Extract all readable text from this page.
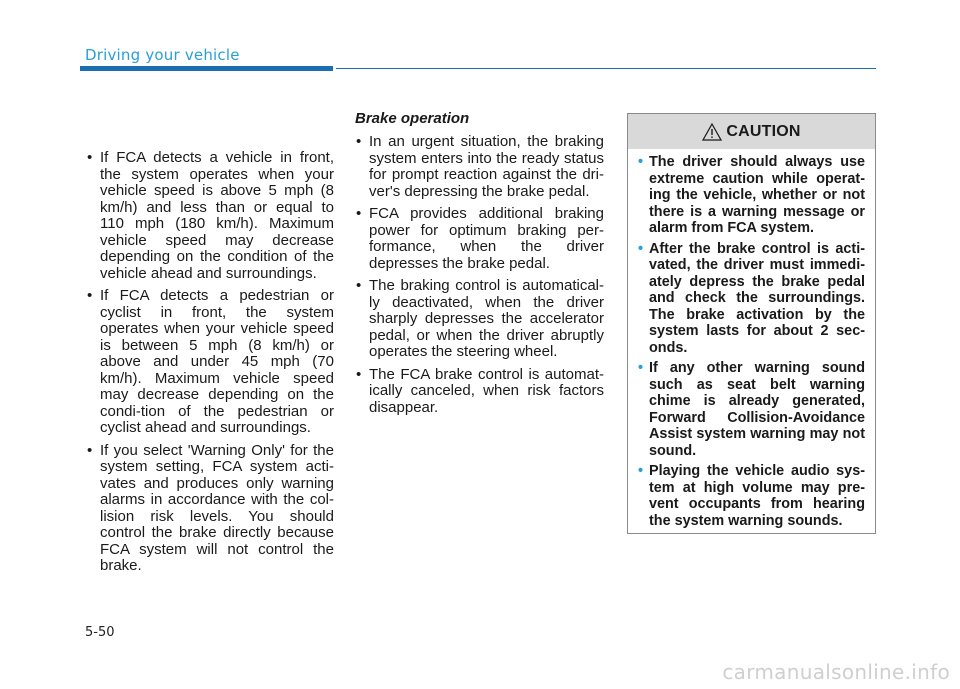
Driving your vehicle
• If FCA detects a vehicle in front, the system operates when your vehicle speed is above 5 mph (8 km/h) and less than or equal to 110 mph (180 km/h). Maximum vehicle speed may decrease depending on the condition of the vehicle ahead and surroundings.
• If FCA detects a pedestrian or cyclist in front, the system operates when your vehicle speed is between 5 mph (8 km/h) or above and under 45 mph (70 km/h). Maximum vehicle speed may decrease depending on the condi-tion of the pedestrian or cyclist ahead and surroundings.
• If you select 'Warning Only' for the system setting, FCA system acti-vates and produces only warning alarms in accordance with the col-lision risk levels. You should control the brake directly because FCA system will not control the brake.
Brake operation
• In an urgent situation, the braking system enters into the ready status for prompt reaction against the dri-ver's depressing the brake pedal.
• FCA provides additional braking power for optimum braking per-formance, when the driver depresses the brake pedal.
• The braking control is automatical-ly deactivated, when the driver sharply depresses the accelerator pedal, or when the driver abruptly operates the steering wheel.
• The FCA brake control is automat-ically canceled, when risk factors disappear.
CAUTION
• The driver should always use extreme caution while operat-ing the vehicle, whether or not there is a warning message or alarm from FCA system.
• After the brake control is acti-vated, the driver must immedi-ately depress the brake pedal and check the surroundings. The brake activation by the system lasts for about 2 sec-onds.
• If any other warning sound such as seat belt warning chime is already generated, Forward Collision-Avoidance Assist system warning may not sound.
• Playing the vehicle audio sys-tem at high volume may pre-vent occupants from hearing the system warning sounds.
5-50
carmanualsonline.info
